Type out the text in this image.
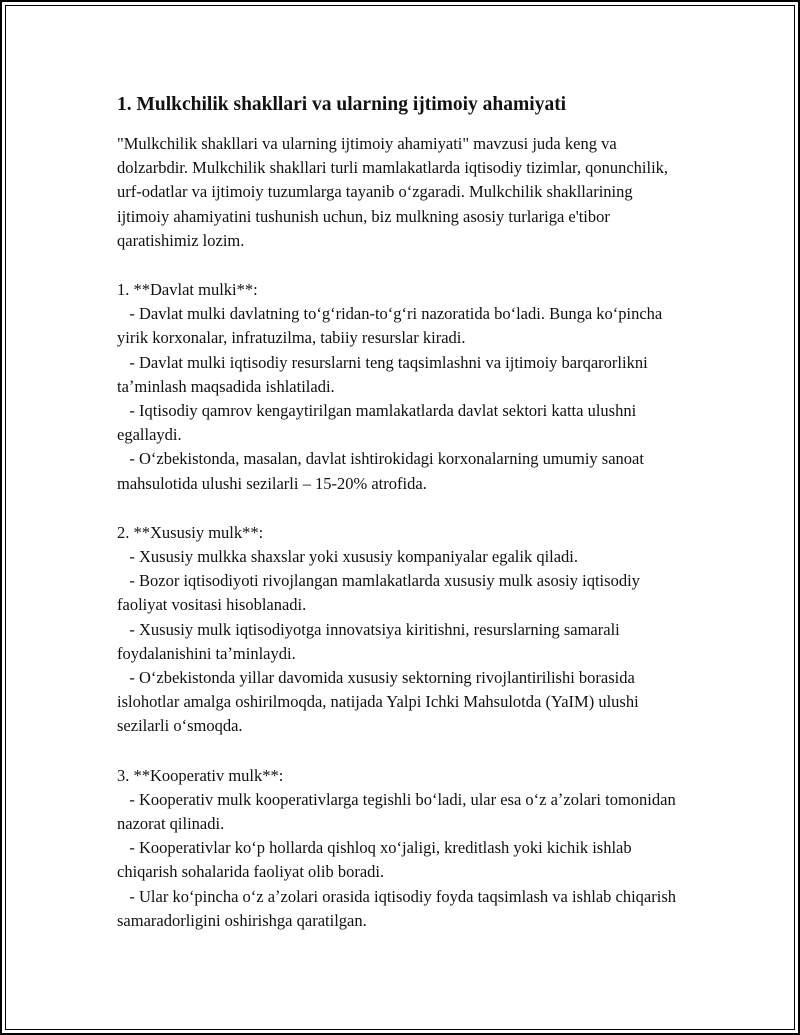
1. Mulkchilik shakllari va ularning ijtimoiy ahamiyati

"Mulkchilik shakllari va ularning ijtimoiy ahamiyati" mavzusi juda keng va dolzarbdir. Mulkchilik shakllari turli mamlakatlarda iqtisodiy tizimlar, qonunchilik, urf-odatlar va ijtimoiy tuzumlarga tayanib oʻzgaradi. Mulkchilik shakllarining ijtimoiy ahamiyatini tushunish uchun, biz mulkning asosiy turlariga e'tibor qaratishimiz lozim.

1. **Davlat mulki**:

- Davlat mulki davlatning toʻgʻridan-toʻgʻri nazoratida boʻladi. Bunga koʻpincha yirik korxonalar, infratuzilma, tabiiy resurslar kiradi.

- Davlat mulki iqtisodiy resurslarni teng taqsimlashni va ijtimoiy barqarorlikni taʼminlash maqsadida ishlatiladi.

- Iqtisodiy qamrov kengaytirilgan mamlakatlarda davlat sektori katta ulushni egallaydi.

- Oʻzbekistonda, masalan, davlat ishtirokidagi korxonalarning umumiy sanoat mahsulotida ulushi sezilarli – 15-20% atrofida.

2. **Xususiy mulk**:

- Xususiy mulkka shaxslar yoki xususiy kompaniyalar egalik qiladi.

- Bozor iqtisodiyoti rivojlangan mamlakatlarda xususiy mulk asosiy iqtisodiy faoliyat vositasi hisoblanadi.

- Xususiy mulk iqtisodiyotga innovatsiya kiritishni, resurslarning samarali foydalanishini taʼminlaydi.

- Oʻzbekistonda yillar davomida xususiy sektorning rivojlantirilishi borasida islohotlar amalga oshirilmoqda, natijada Yalpi Ichki Mahsulotda (YaIM) ulushi sezilarli oʻsmoqda.

3. **Kooperativ mulk**:

- Kooperativ mulk kooperativlarga tegishli boʻladi, ular esa oʻz aʼzolari tomonidan nazorat qilinadi.

- Kooperativlar koʻp hollarda qishloq xoʻjaligi, kreditlash yoki kichik ishlab chiqarish sohalarida faoliyat olib boradi.

- Ular koʻpincha oʻz aʼzolari orasida iqtisodiy foyda taqsimlash va ishlab chiqarish samaradorligini oshirishga qaratilgan.
